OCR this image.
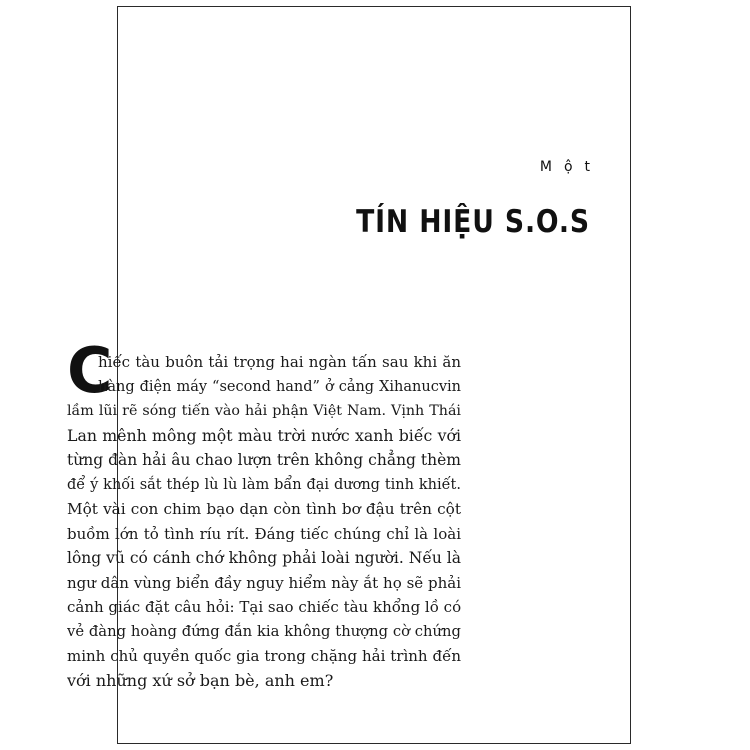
Một
TÍN HIỆU S.O.S
C
hiếc tàu buôn tải trọng hai ngàn tấn sau khi ăn
hàng điện máy “second hand” ở cảng Xihanucvin
lầm lũi rẽ sóng tiến vào hải phận Việt Nam. Vịnh Thái
Lan mênh mông một màu trời nước xanh biếc với
từng đàn hải âu chao lượn trên không chẳng thèm
để ý khối sắt thép lù lù làm bẩn đại dương tinh khiết.
Một vài con chim bạo dạn còn tình bơ đậu trên cột
buồm lớn tỏ tình ríu rít. Đáng tiếc chúng chỉ là loài
lông vũ có cánh chớ không phải loài người. Nếu là
ngư dân vùng biển đầy nguy hiểm này ắt họ sẽ phải
cảnh giác đặt câu hỏi: Tại sao chiếc tàu khổng lồ có
vẻ đàng hoàng đứng đắn kia không thượng cờ chứng
minh chủ quyền quốc gia trong chặng hải trình đến
với những xứ sở bạn bè, anh em?
